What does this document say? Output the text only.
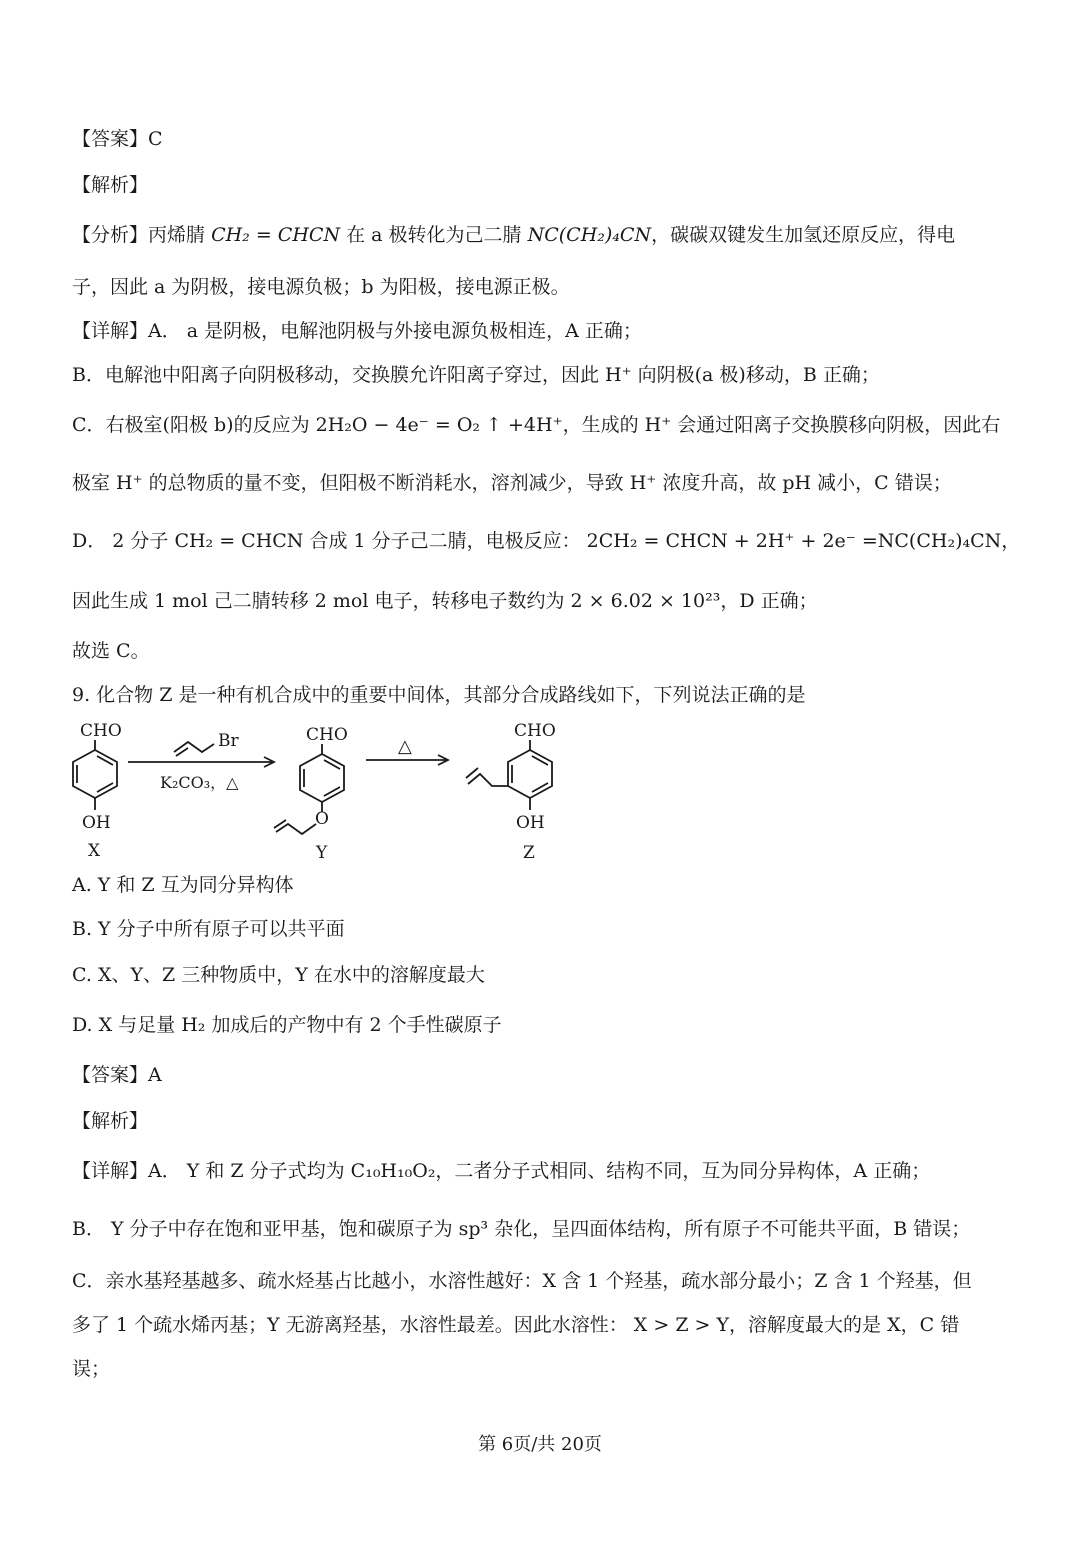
【答案】C
【解析】
【分析】丙烯腈 CH₂ = CHCN 在 a 极转化为己二腈 NC(CH₂)₄CN，碳碳双键发生加氢还原反应，得电
子，因此 a 为阴极，接电源负极；b 为阳极，接电源正极。
【详解】A． a 是阴极，电解池阴极与外接电源负极相连，A 正确；
B．电解池中阳离子向阴极移动，交换膜允许阳离子穿过，因此 H⁺ 向阴极(a 极)移动，B 正确；
C．右极室(阳极 b)的反应为 2H₂O − 4e⁻ = O₂ ↑ +4H⁺，生成的 H⁺ 会通过阳离子交换膜移向阴极，因此右
极室 H⁺ 的总物质的量不变，但阳极不断消耗水，溶剂减少，导致 H⁺ 浓度升高，故 pH 减小，C 错误；
D． 2 分子 CH₂ = CHCN 合成 1 分子己二腈，电极反应： 2CH₂ = CHCN + 2H⁺ + 2e⁻ =NC(CH₂)₄CN，
因此生成 1 mol 己二腈转移 2 mol 电子，转移电子数约为 2 × 6.02 × 10²³，D 正确；
故选 C。
9. 化合物 Z 是一种有机合成中的重要中间体，其部分合成路线如下，下列说法正确的是
CHO
OH
X
Br
K₂CO₃，△
CHO
O
Y
△
CHO
OH
Z
A. Y 和 Z 互为同分异构体
B. Y 分子中所有原子可以共平面
C. X、Y、Z 三种物质中，Y 在水中的溶解度最大
D. X 与足量 H₂ 加成后的产物中有 2 个手性碳原子
【答案】A
【解析】
【详解】A． Y 和 Z 分子式均为 C₁₀H₁₀O₂，二者分子式相同、结构不同，互为同分异构体，A 正确；
B． Y 分子中存在饱和亚甲基，饱和碳原子为 sp³ 杂化，呈四面体结构，所有原子不可能共平面，B 错误；
C．亲水基羟基越多、疏水烃基占比越小，水溶性越好：X 含 1 个羟基，疏水部分最小；Z 含 1 个羟基，但
多了 1 个疏水烯丙基；Y 无游离羟基，水溶性最差。因此水溶性： X > Z > Y，溶解度最大的是 X，C 错
误；
第 6页/共 20页
